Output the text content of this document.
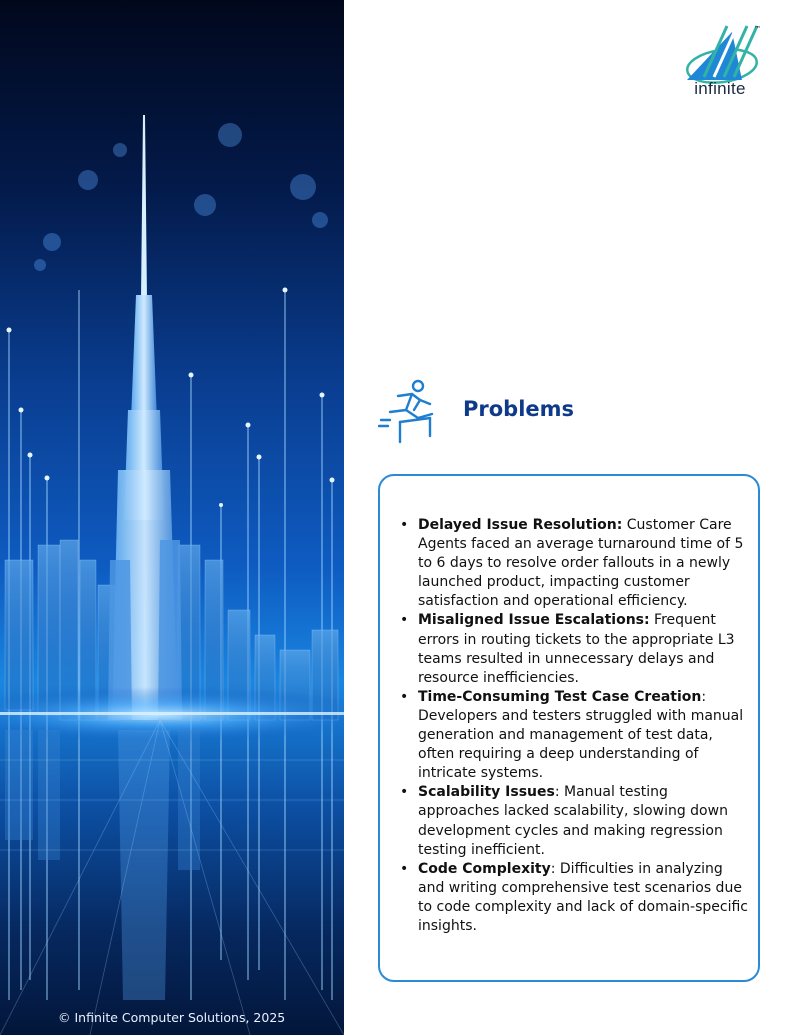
© Infinite Computer Solutions, 2025
™
infinite
Problems
• Delayed Issue Resolution: Customer Care Agents faced an average turnaround time of 5 to 6 days to resolve order fallouts in a newly launched product, impacting customer satisfaction and operational efficiency.
• Misaligned Issue Escalations: Frequent errors in routing tickets to the appropriate L3 teams resulted in unnecessary delays and resource inefficiencies.
• Time-Consuming Test Case Creation: Developers and testers struggled with manual generation and management of test data, often requiring a deep understanding of intricate systems.
• Scalability Issues: Manual testing approaches lacked scalability, slowing down development cycles and making regression testing inefficient.
• Code Complexity: Difficulties in analyzing and writing comprehensive test scenarios due to code complexity and lack of domain-specific insights.
